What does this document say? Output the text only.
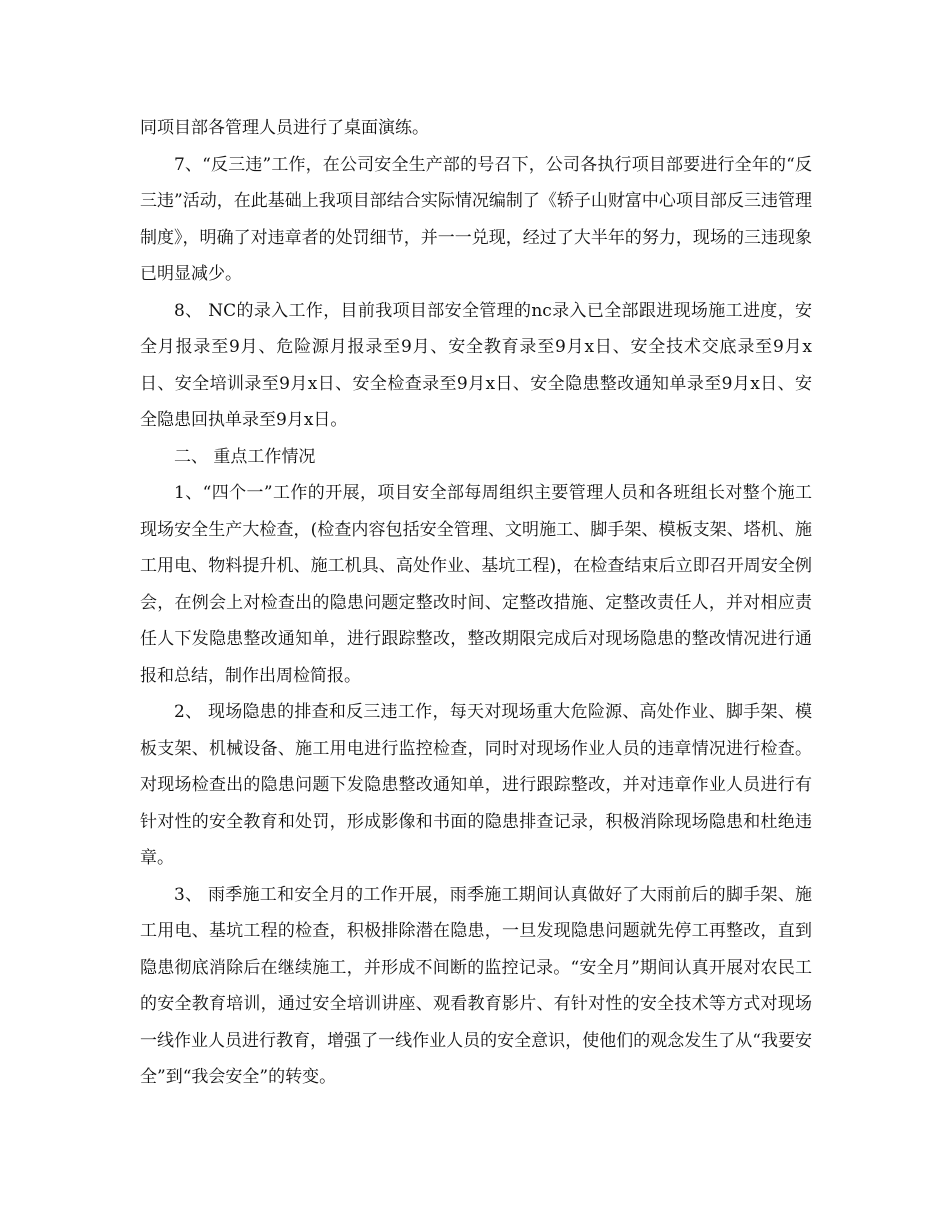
同项目部各管理人员进行了桌面演练。

7、“反三违”工作，在公司安全生产部的号召下，公司各执行项目部要进行全年的“反三违”活动，在此基础上我项目部结合实际情况编制了《轿子山财富中心项目部反三违管理制度》，明确了对违章者的处罚细节，并一一兑现，经过了大半年的努力，现场的三违现象已明显减少。

8、 NC的录入工作，目前我项目部安全管理的nc录入已全部跟进现场施工进度，安全月报录至9月、危险源月报录至9月、安全教育录至9月x日、安全技术交底录至9月x日、安全培训录至9月x日、安全检查录至9月x日、安全隐患整改通知单录至9月x日、安全隐患回执单录至9月x日。

二、 重点工作情况

1、“四个一”工作的开展，项目安全部每周组织主要管理人员和各班组长对整个施工现场安全生产大检查，(检查内容包括安全管理、文明施工、脚手架、模板支架、塔机、施工用电、物料提升机、施工机具、高处作业、基坑工程)，在检查结束后立即召开周安全例会，在例会上对检查出的隐患问题定整改时间、定整改措施、定整改责任人，并对相应责任人下发隐患整改通知单，进行跟踪整改，整改期限完成后对现场隐患的整改情况进行通报和总结，制作出周检简报。

2、 现场隐患的排查和反三违工作，每天对现场重大危险源、高处作业、脚手架、模板支架、机械设备、施工用电进行监控检查，同时对现场作业人员的违章情况进行检查。对现场检查出的隐患问题下发隐患整改通知单，进行跟踪整改，并对违章作业人员进行有针对性的安全教育和处罚，形成影像和书面的隐患排查记录，积极消除现场隐患和杜绝违章。

3、 雨季施工和安全月的工作开展，雨季施工期间认真做好了大雨前后的脚手架、施工用电、基坑工程的检查，积极排除潜在隐患，一旦发现隐患问题就先停工再整改，直到隐患彻底消除后在继续施工，并形成不间断的监控记录。“安全月”期间认真开展对农民工的安全教育培训，通过安全培训讲座、观看教育影片、有针对性的安全技术等方式对现场一线作业人员进行教育，增强了一线作业人员的安全意识，使他们的观念发生了从“我要安全”到“我会安全”的转变。
